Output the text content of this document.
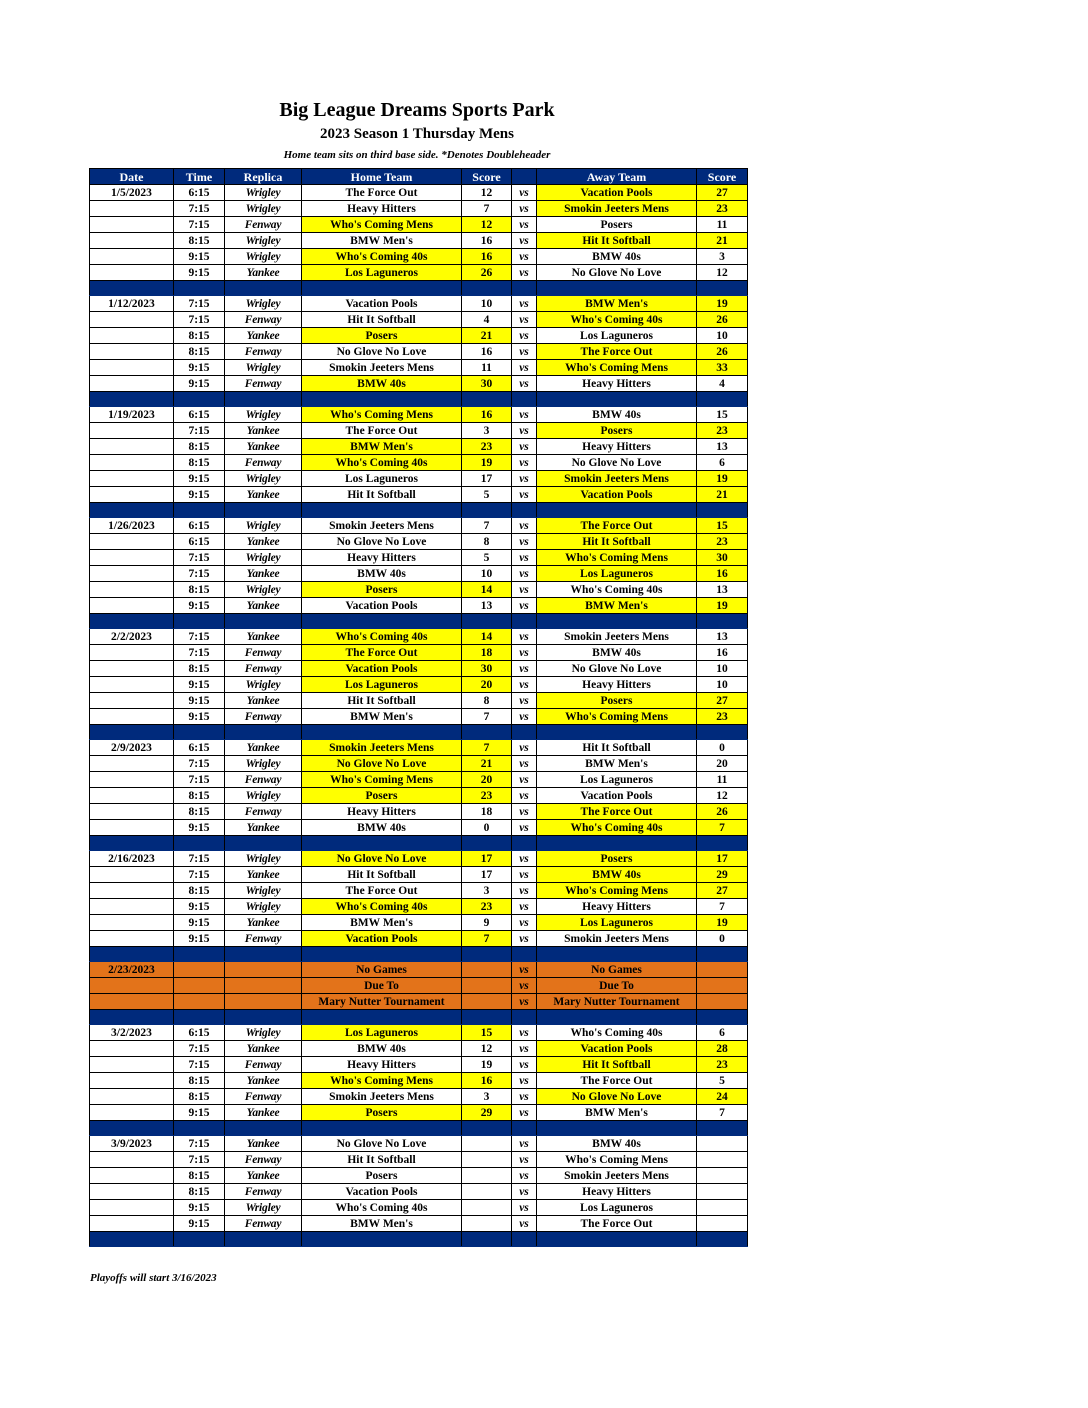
Big League Dreams Sports Park
2023 Season 1 Thursday Mens
Home team sits on third base side. *Denotes Doubleheader
Date	Time	Replica	Home Team	Score		Away Team	Score
1/5/2023	6:15	Wrigley	The Force Out	12	vs	Vacation Pools	27
	7:15	Wrigley	Heavy Hitters	7	vs	Smokin Jeeters Mens	23
	7:15	Fenway	Who's Coming Mens	12	vs	Posers	11
	8:15	Wrigley	BMW Men's	16	vs	Hit It Softball	21
	9:15	Wrigley	Who's Coming 40s	16	vs	BMW 40s	3
	9:15	Yankee	Los Laguneros	26	vs	No Glove No Love	12

1/12/2023	7:15	Wrigley	Vacation Pools	10	vs	BMW Men's	19
	7:15	Fenway	Hit It Softball	4	vs	Who's Coming 40s	26
	8:15	Yankee	Posers	21	vs	Los Laguneros	10
	8:15	Fenway	No Glove No Love	16	vs	The Force Out	26
	9:15	Wrigley	Smokin Jeeters Mens	11	vs	Who's Coming Mens	33
	9:15	Fenway	BMW 40s	30	vs	Heavy Hitters	4

1/19/2023	6:15	Wrigley	Who's Coming Mens	16	vs	BMW 40s	15
	7:15	Yankee	The Force Out	3	vs	Posers	23
	8:15	Yankee	BMW Men's	23	vs	Heavy Hitters	13
	8:15	Fenway	Who's Coming 40s	19	vs	No Glove No Love	6
	9:15	Wrigley	Los Laguneros	17	vs	Smokin Jeeters Mens	19
	9:15	Yankee	Hit It Softball	5	vs	Vacation Pools	21

1/26/2023	6:15	Wrigley	Smokin Jeeters Mens	7	vs	The Force Out	15
	6:15	Yankee	No Glove No Love	8	vs	Hit It Softball	23
	7:15	Wrigley	Heavy Hitters	5	vs	Who's Coming Mens	30
	7:15	Yankee	BMW 40s	10	vs	Los Laguneros	16
	8:15	Wrigley	Posers	14	vs	Who's Coming 40s	13
	9:15	Yankee	Vacation Pools	13	vs	BMW Men's	19

2/2/2023	7:15	Yankee	Who's Coming 40s	14	vs	Smokin Jeeters Mens	13
	7:15	Fenway	The Force Out	18	vs	BMW 40s	16
	8:15	Fenway	Vacation Pools	30	vs	No Glove No Love	10
	9:15	Wrigley	Los Laguneros	20	vs	Heavy Hitters	10
	9:15	Yankee	Hit It Softball	8	vs	Posers	27
	9:15	Fenway	BMW Men's	7	vs	Who's Coming Mens	23

2/9/2023	6:15	Yankee	Smokin Jeeters Mens	7	vs	Hit It Softball	0
	7:15	Wrigley	No Glove No Love	21	vs	BMW Men's	20
	7:15	Fenway	Who's Coming Mens	20	vs	Los Laguneros	11
	8:15	Wrigley	Posers	23	vs	Vacation Pools	12
	8:15	Fenway	Heavy Hitters	18	vs	The Force Out	26
	9:15	Yankee	BMW 40s	0	vs	Who's Coming 40s	7

2/16/2023	7:15	Wrigley	No Glove No Love	17	vs	Posers	17
	7:15	Yankee	Hit It Softball	17	vs	BMW 40s	29
	8:15	Wrigley	The Force Out	3	vs	Who's Coming Mens	27
	9:15	Wrigley	Who's Coming 40s	23	vs	Heavy Hitters	7
	9:15	Yankee	BMW Men's	9	vs	Los Laguneros	19
	9:15	Fenway	Vacation Pools	7	vs	Smokin Jeeters Mens	0

2/23/2023			No Games		vs	No Games	
			Due To		vs	Due To	
			Mary Nutter Tournament		vs	Mary Nutter Tournament	

3/2/2023	6:15	Wrigley	Los Laguneros	15	vs	Who's Coming 40s	6
	7:15	Yankee	BMW 40s	12	vs	Vacation Pools	28
	7:15	Fenway	Heavy Hitters	19	vs	Hit It Softball	23
	8:15	Yankee	Who's Coming Mens	16	vs	The Force Out	5
	8:15	Fenway	Smokin Jeeters Mens	3	vs	No Glove No Love	24
	9:15	Yankee	Posers	29	vs	BMW Men's	7

3/9/2023	7:15	Yankee	No Glove No Love		vs	BMW 40s	
	7:15	Fenway	Hit It Softball		vs	Who's Coming Mens	
	8:15	Yankee	Posers		vs	Smokin Jeeters Mens	
	8:15	Fenway	Vacation Pools		vs	Heavy Hitters	
	9:15	Wrigley	Who's Coming 40s		vs	Los Laguneros	
	9:15	Fenway	BMW Men's		vs	The Force Out	

Playoffs will start 3/16/2023
